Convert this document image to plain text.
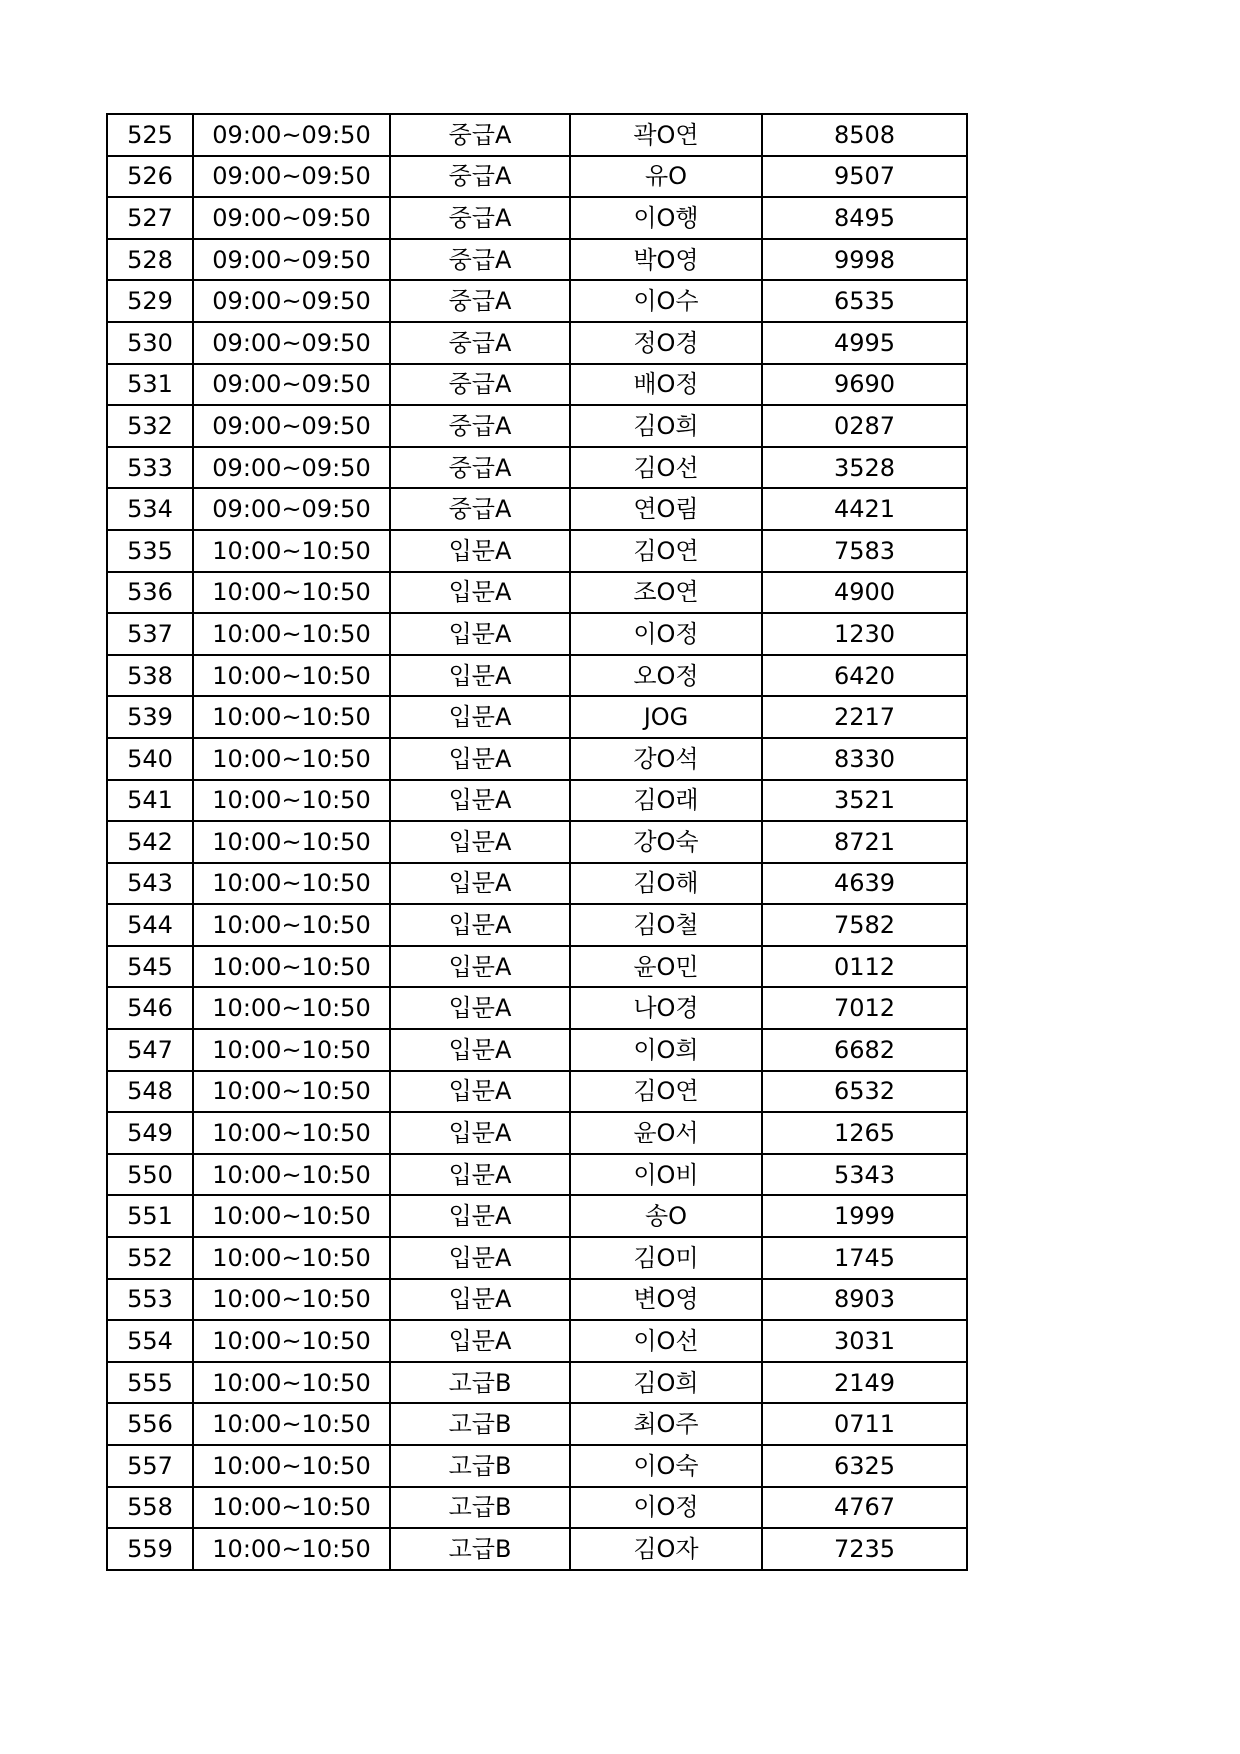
525	09:00~09:50	중급A	곽O연	8508
526	09:00~09:50	중급A	유O	9507
527	09:00~09:50	중급A	이O행	8495
528	09:00~09:50	중급A	박O영	9998
529	09:00~09:50	중급A	이O수	6535
530	09:00~09:50	중급A	정O경	4995
531	09:00~09:50	중급A	배O정	9690
532	09:00~09:50	중급A	김O희	0287
533	09:00~09:50	중급A	김O선	3528
534	09:00~09:50	중급A	연O림	4421
535	10:00~10:50	입문A	김O연	7583
536	10:00~10:50	입문A	조O연	4900
537	10:00~10:50	입문A	이O정	1230
538	10:00~10:50	입문A	오O정	6420
539	10:00~10:50	입문A	JOG	2217
540	10:00~10:50	입문A	강O석	8330
541	10:00~10:50	입문A	김O래	3521
542	10:00~10:50	입문A	강O숙	8721
543	10:00~10:50	입문A	김O해	4639
544	10:00~10:50	입문A	김O철	7582
545	10:00~10:50	입문A	윤O민	0112
546	10:00~10:50	입문A	나O경	7012
547	10:00~10:50	입문A	이O희	6682
548	10:00~10:50	입문A	김O연	6532
549	10:00~10:50	입문A	윤O서	1265
550	10:00~10:50	입문A	이O비	5343
551	10:00~10:50	입문A	송O	1999
552	10:00~10:50	입문A	김O미	1745
553	10:00~10:50	입문A	변O영	8903
554	10:00~10:50	입문A	이O선	3031
555	10:00~10:50	고급B	김O희	2149
556	10:00~10:50	고급B	최O주	0711
557	10:00~10:50	고급B	이O숙	6325
558	10:00~10:50	고급B	이O정	4767
559	10:00~10:50	고급B	김O자	7235
